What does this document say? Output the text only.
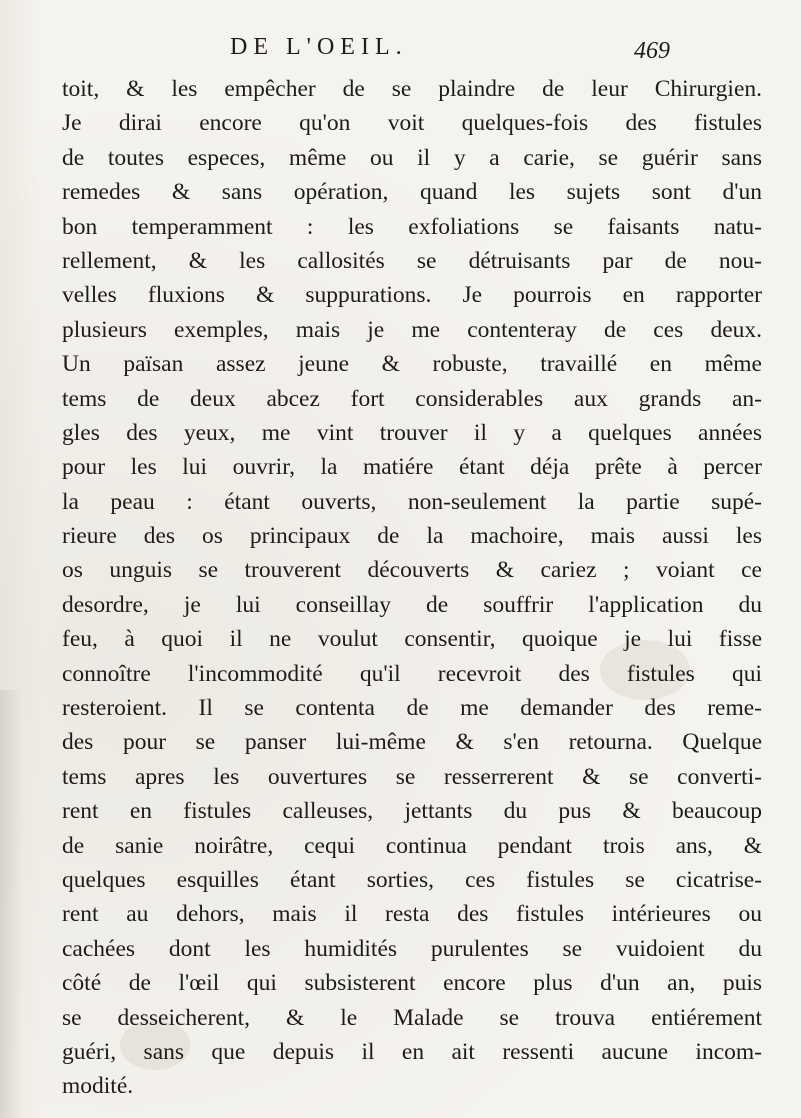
DE L'OEIL.	469
toit, & les empêcher de se plaindre de leur Chirurgien.
Je dirai encore qu'on voit quelques-fois des fistules
de toutes especes, même ou il y a carie, se guérir sans
remedes & sans opération, quand les sujets sont d'un
bon temperamment : les exfoliations se faisants natu-
rellement, & les callosités se détruisants par de nou-
velles fluxions & suppurations. Je pourrois en rapporter
plusieurs exemples, mais je me contenteray de ces deux.
Un païsan assez jeune & robuste, travaillé en même
tems de deux abcez fort considerables aux grands an-
gles des yeux, me vint trouver il y a quelques années
pour les lui ouvrir, la matiére étant déja prête à percer
la peau : étant ouverts, non-seulement la partie supé-
rieure des os principaux de la machoire, mais aussi les
os unguis se trouverent découverts & cariez ; voiant ce
desordre, je lui conseillay de souffrir l'application du
feu, à quoi il ne voulut consentir, quoique je lui fisse
connoître l'incommodité qu'il recevroit des fistules qui
resteroient. Il se contenta de me demander des reme-
des pour se panser lui-même & s'en retourna. Quelque
tems apres les ouvertures se resserrerent & se converti-
rent en fistules calleuses, jettants du pus & beaucoup
de sanie noirâtre, cequi continua pendant trois ans, &
quelques esquilles étant sorties, ces fistules se cicatrise-
rent au dehors, mais il resta des fistules intérieures ou
cachées dont les humidités purulentes se vuidoient du
côté de l'œil qui subsisterent encore plus d'un an, puis
se desseicherent, & le Malade se trouva entiérement
guéri, sans que depuis il en ait ressenti aucune incom-
modité.
